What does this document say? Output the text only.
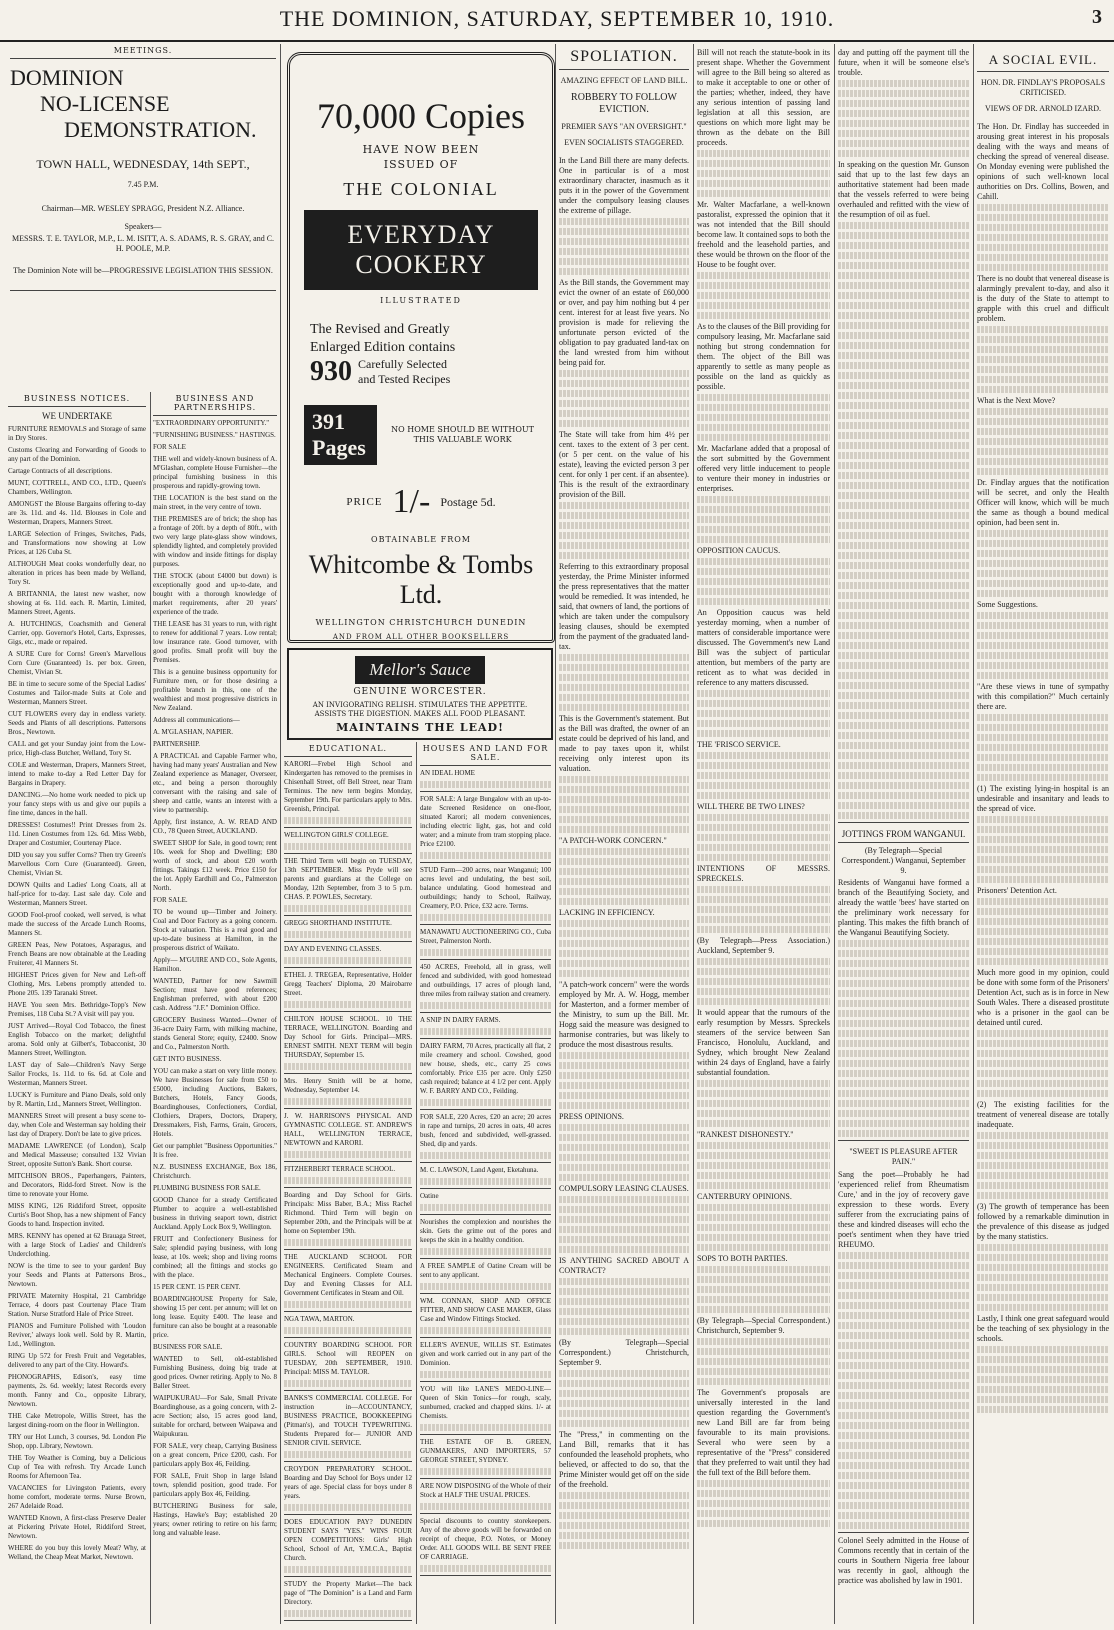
THE DOMINION, SATURDAY, SEPTEMBER 10, 1910.	3
MEETINGS.
DOMINION
NO-LICENSE
DEMONSTRATION.
TOWN HALL, WEDNESDAY, 14th SEPT.,
7.45 P.M.
Chairman—MR. WESLEY SPRAGG, President N.Z. Alliance.
Speakers—
MESSRS. T. E. TAYLOR, M.P., L. M. ISITT, A. S. ADAMS, R. S. GRAY, and C. H. POOLE, M.P.
The Dominion Note will be—PROGRESSIVE LEGISLATION THIS SESSION.
BUSINESS NOTICES.
WE UNDERTAKE
FURNITURE REMOVALS and Storage of same in Dry Stores.
Customs Clearing and Forwarding of Goods to any part of the Dominion.
Cartage Contracts of all descriptions.
MUNT, COTTRELL, AND CO., LTD., Queen's Chambers, Wellington.
AMONGST the Blouse Bargains offering to-day are 3s. 11d. and 4s. 11d. Blouses in Cole and Westerman, Drapers, Manners Street.
LARGE Selection of Fringes, Switches, Pads, and Transformations now showing at Low Prices, at 126 Cuba St.
ALTHOUGH Meat cooks wonderfully dear, no alteration in prices has been made by Welland, Tory St.
A BRITANNIA, the latest new washer, now showing at 6s. 11d. each. R. Martin, Limited, Manners Street, Agents.
A. HUTCHINGS, Coachsmith and General Carrier, opp. Governor's Hotel, Carts, Expresses, Gigs, etc., made or repaired.
A SURE Cure for Corns! Green's Marvellous Corn Cure (Guaranteed) 1s. per box. Green, Chemist, Vivian St.
BE in time to secure some of the Special Ladies' Costumes and Tailor-made Suits at Cole and Westerman, Manners Street.
CUT FLOWERS every day in endless variety. Seeds and Plants of all descriptions. Pattersons Bros., Newtown.
CALL and get your Sunday joint from the Low-price, High-class Butcher, Welland, Tory St.
COLE and Westerman, Drapers, Manners Street, intend to make to-day a Red Letter Day for Bargains in Drapery.
DANCING.—No home work needed to pick up your fancy steps with us and give our pupils a fine time, dances in the hall.
DRESSES! Costumes!! Print Dresses from 2s. 11d. Linen Costumes from 12s. 6d. Miss Webb, Draper and Costumier, Courtenay Place.
DID you say you suffer Corns? Then try Green's Marvellous Corn Cure (Guaranteed). Green, Chemist, Vivian St.
DOWN Quilts and Ladies' Long Coats, all at half-price for to-day. Last sale day. Cole and Westerman, Manners Street.
GOOD Fool-proof cooked, well served, is what made the success of the Arcade Lunch Rooms, Manners St.
GREEN Peas, New Potatoes, Asparagus, and French Beans are now obtainable at the Leading Fruiterer, 41 Manners St.
HIGHEST Prices given for New and Left-off Clothing, Mrs. Lebens promptly attended to. Phone 205. 139 Taranaki Street.
HAVE You seen Mrs. Bethridge-Topp's New Premises, 118 Cuba St.? A visit will pay you.
JUST Arrived—Royal Cod Tobacco, the finest English Tobacco on the market; delightful aroma. Sold only at Gilbert's, Tobacconist, 30 Manners Street, Wellington.
LAST day of Sale—Children's Navy Serge Sailor Frocks, 1s. 11d. to 6s. 6d. at Cole and Westerman, Manners Street.
LUCKY is Furniture and Piano Deals, sold only by R. Martin, Ltd., Manners Street, Wellington.
MANNERS Street will present a busy scene to-day, when Cole and Westerman say holding their last day of Drapery. Don't be late to give prices.
MADAME LAWRENCE (of London), Scalp and Medical Masseuse; consulted 132 Vivian Street, opposite Sutton's Bank. Short course.
MITCHISON BROS., Paperhangers, Painters, and Decorators, Ridd-ford Street. Now is the time to renovate your Home.
MISS KING, 126 Riddiford Street, opposite Curtis's Boot Shop, has a new shipment of Fancy Goods to hand. Inspection invited.
MRS. KENNY has opened at 62 Brauaga Street, with a large Stock of Ladies' and Children's Underclothing.
NOW is the time to see to your garden! Buy your Seeds and Plants at Pattersons Bros., Newtown.
PRIVATE Maternity Hospital, 21 Cambridge Terrace, 4 doors past Courtenay Place Tram Station. Nurse Stratford Hale of Price Street.
PIANOS and Furniture Polished with 'Loudon Reviver,' always look well. Sold by R. Martin, Ltd., Wellington.
RING Up 572 for Fresh Fruit and Vegetables, delivered to any part of the City. Howard's.
PHONOGRAPHS, Edison's, easy time payments, 2s. 6d. weekly; latest Records every month. Fanny and Co., opposite Library, Newtown.
THE Cake Metropole, Willis Street, has the largest dining-room on the floor in Wellington.
TRY our Hot Lunch, 3 courses, 9d. London Pie Shop, opp. Library, Newtown.
THE Toy Weather is Coming, buy a Delicious Cup of Tea with refresh. Try Arcade Lunch Rooms for Afternoon Tea.
VACANCIES for Livingston Patients, every home comfort, moderate terms. Nurse Brown, 267 Adelaide Road.
WANTED Known, A first-class Preserve Dealer at Pickering Private Hotel, Riddiford Street, Newtown.
WHERE do you buy this lovely Meat? Why, at Welland, the Cheap Meat Market, Newtown.
BUSINESS AND PARTNERSHIPS.
"EXTRAORDINARY OPPORTUNITY."
"FURNISHING BUSINESS." HASTINGS.
FOR SALE
THE well and widely-known business of A. M'Glashan, complete House Furnisher—the principal furnishing business in this prosperous and rapidly-growing town.
THE LOCATION is the best stand on the main street, in the very centre of town.
THE PREMISES are of brick; the shop has a frontage of 20ft. by a depth of 80ft., with two very large plate-glass show windows, splendidly lighted, and completely provided with window and inside fittings for display purposes.
THE STOCK (about £4000 but down) is exceptionally good and up-to-date, and bought with a thorough knowledge of market requirements, after 20 years' experience of the trade.
THE LEASE has 31 years to run, with right to renew for additional 7 years. Low rental; low insurance rate. Good turnover, with good profits. Small profit will buy the Premises.
This is a genuine business opportunity for Furniture men, or for those desiring a profitable branch in this, one of the wealthiest and most progressive districts in New Zealand.
Address all communications—
A. M'GLASHAN, NAPIER.
PARTNERSHIP.
A PRACTICAL and Capable Farmer who, having had many years' Australian and New Zealand experience as Manager, Overseer, etc., and being a person thoroughly conversant with the raising and sale of sheep and cattle, wants an interest with a view to partnership.
Apply, first instance, A. W. READ AND CO., 78 Queen Street, AUCKLAND.
SWEET SHOP for Sale, in good town; rent 10s. week for Shop and Dwelling; £80 worth of stock, and about £20 worth fittings. Takings £12 week. Price £150 for the lot. Apply Eardhill and Co., Palmerston North.
FOR SALE.
TO be wound up—Timber and Joinery. Coal and Door Factory as a going concern. Stock at valuation. This is a real good and up-to-date business at Hamilton, in the prosperous district of Waikato.
Apply— M'GUIRE AND CO., Sole Agents, Hamilton.
WANTED, Partner for new Sawmill Section; must have good references; Englishman preferred, with about £200 cash. Address "J.F." Dominion Office.
GROCERY Business Wanted—Owner of 36-acre Dairy Farm, with milking machine, stands General Store; equity, £2400. Snow and Co., Palmerston North.
GET INTO BUSINESS.
YOU can make a start on very little money. We have Businesses for sale from £50 to £5000, including Auctions, Bakers, Butchers, Hotels, Fancy Goods, Boardinghouses, Confectioners, Cordial, Clothiers, Drapers, Doctors, Drapery, Dressmakers, Fish, Farms, Grain, Grocers, Hotels.
Get our pamphlet "Business Opportunities." It is free.
N.Z. BUSINESS EXCHANGE, Box 186, Christchurch.
PLUMBING BUSINESS FOR SALE.
GOOD Chance for a steady Certificated Plumber to acquire a well-established business in thriving seaport town, district Auckland. Apply Lock Box 9, Wellington.
FRUIT and Confectionery Business for Sale; splendid paying business, with long lease, at 10s. week; shop and living rooms combined; all the fittings and stocks go with the place.
15 PER CENT. 15 PER CENT.
BOARDINGHOUSE Property for Sale, showing 15 per cent. per annum; will let on long lease. Equity £400. The lease and furniture can also be bought at a reasonable price.
BUSINESS FOR SALE.
WANTED to Sell, old-established Furnishing Business, doing big trade at good prices. Owner retiring. Apply to No. 8 Baller Street.
WAIPUKURAU—For Sale, Small Private Boardinghouse, as a going concern, with 2-acre Section; also, 15 acres good land, suitable for orchard, between Waipawa and Waipukurau.
FOR SALE, very cheap, Carrying Business on a great concern, Price £200, cash. For particulars apply Box 46, Feilding.
FOR SALE, Fruit Shop in large Island town, splendid position, good trade. For particulars apply Box 46, Feilding.
BUTCHERING Business for sale, Hastings, Hawke's Bay; established 20 years; owner retiring to retire on his farm; long and valuable lease.
70,000 Copies
HAVE NOW BEEN
ISSUED OF
THE COLONIAL
EVERYDAY COOKERY
ILLUSTRATED
The Revised and Greatly
Enlarged Edition contains
930 Carefully Selected
and Tested Recipes
391 Pages
NO HOME SHOULD BE WITHOUT THIS VALUABLE WORK
PRICE 1/- Postage 5d.
OBTAINABLE FROM
Whitcombe & Tombs Ltd.
WELLINGTON CHRISTCHURCH DUNEDIN
AND FROM ALL OTHER BOOKSELLERS
Mellor's Sauce
GENUINE WORCESTER.
AN INVIGORATING RELISH. STIMULATES THE APPETITE.
ASSISTS THE DIGESTION. MAKES ALL FOOD PLEASANT.
MAINTAINS THE LEAD!
EDUCATIONAL.
KARORI—Frebel High School and Kindergarten has removed to the premises in Chisenhall Street, off Bell Street, near Tram Terminus. The new term begins Monday, September 19th. For particulars apply to Mrs. Greenish, Principal.
WELLINGTON GIRLS' COLLEGE.
THE Third Term will begin on TUESDAY, 13th SEPTEMBER. Miss Pryde will see parents and guardians at the College on Monday, 12th September, from 3 to 5 p.m. CHAS. P. POWLES, Secretary.
GREGG SHORTHAND INSTITUTE.
DAY AND EVENING CLASSES.
ETHEL J. TREGEA, Representative, Holder Gregg Teachers' Diploma, 20 Mairobarre Street.
CHILTON HOUSE SCHOOL. 10 THE TERRACE, WELLINGTON. Boarding and Day School for Girls. Principal—MRS. ERNEST SMITH. NEXT TERM will begin THURSDAY, September 15.
Mrs. Henry Smith will be at home, Wednesday, September 14.
J. W. HARRISON'S PHYSICAL AND GYMNASTIC COLLEGE. ST. ANDREW'S HALL, WELLINGTON TERRACE, NEWTOWN and KARORI.
FITZHERBERT TERRACE SCHOOL.
Boarding and Day School for Girls. Principals: Miss Baber, B.A.; Miss Rachel Richmond. Third Term will begin on September 20th, and the Principals will be at home on September 19th.
THE AUCKLAND SCHOOL FOR ENGINEERS. Certificated Steam and Mechanical Engineers. Complete Courses. Day and Evening Classes for ALL Government Certificates in Steam and Oil.
NGA TAWA, MARTON.
COUNTRY BOARDING SCHOOL FOR GIRLS. School will REOPEN on TUESDAY, 20th SEPTEMBER, 1910. Principal: MISS M. TAYLOR.
BANKS'S COMMERCIAL COLLEGE. For instruction in—ACCOUNTANCY, BUSINESS PRACTICE, BOOKKEEPING (Pitman's), and TOUCH TYPEWRITING. Students Prepared for— JUNIOR AND SENIOR CIVIL SERVICE.
CROYDON PREPARATORY SCHOOL. Boarding and Day School for Boys under 12 years of age. Special class for boys under 8 years.
DOES EDUCATION PAY? DUNEDIN STUDENT SAYS "YES." WINS FOUR OPEN COMPETITIONS: Girls' High School, School of Art, Y.M.C.A., Baptist Church.
STUDY the Property Market—The back page of "The Dominion" is a Land and Farm Directory.
HOUSES AND LAND FOR SALE.
AN IDEAL HOME
FOR SALE: A large Bungalow with an up-to-date Screened Residence on one-floor, situated Karori; all modern conveniences, including electric light, gas, hot and cold water; and a minute from tram stopping place. Price £2100.
STUD Farm—200 acres, near Wanganui; 100 acres level and undulating, the best soil, balance undulating. Good homestead and outbuildings; handy to School, Railway, Creamery, P.O. Price, £32 acre. Terms.
MANAWATU AUCTIONEERING CO., Cuba Street, Palmerston North.
450 ACRES, Freehold, all in grass, well fenced and subdivided, with good homestead and outbuildings, 17 acres of plough land, three miles from railway station and creamery.
A SNIP IN DAIRY FARMS.
DAIRY FARM, 70 Acres, practically all flat, 2 mile creamery and school. Cowshed, good new house, sheds, etc., carry 25 cows comfortably. Price £35 per acre. Only £250 cash required; balance at 4 1/2 per cent. Apply W. F. BARRY AND CO., Feilding.
FOR SALE, 220 Acres, £20 an acre; 20 acres in rape and turnips, 20 acres in oats, 40 acres bush, fenced and subdivided, well-grassed. Shed, dip and yards.
M. C. LAWSON, Land Agent, Eketahuna.
Oatine
Nourishes the complexion and nourishes the skin. Gets the grime out of the pores and keeps the skin in a healthy condition.
A FREE SAMPLE of Oatine Cream will be sent to any applicant.
WM. CONNAN, SHOP AND OFFICE FITTER, AND SHOW CASE MAKER, Glass Case and Window Fittings Stocked.
ELLER'S AVENUE, WILLIS ST. Estimates given and work carried out in any part of the Dominion.
YOU will like LANE'S MEDO-LINE—Queen of Skin Tonics—for rough, scaly, sunburned, cracked and chapped skins. 1/- at Chemists.
THE ESTATE OF B. GREEN, GUNMAKERS, AND IMPORTERS, 57 GEORGE STREET, SYDNEY.
ARE NOW DISPOSING of the Whole of their Stock at HALF THE USUAL PRICES.
Special discounts to country storekeepers. Any of the above goods will be forwarded on receipt of cheque, P.O. Notes, or Money Order. ALL GOODS WILL BE SENT FREE OF CARRIAGE.
SPOLIATION.
AMAZING EFFECT OF LAND BILL.
ROBBERY TO FOLLOW EVICTION.
PREMIER SAYS "AN OVERSIGHT."
EVEN SOCIALISTS STAGGERED.
In the Land Bill there are many defects. One in particular is of a most extraordinary character, inasmuch as it puts it in the power of the Government under the compulsory leasing clauses the extreme of pillage.
As the Bill stands, the Government may evict the owner of an estate of £60,000 or over, and pay him nothing but 4 per cent. interest for at least five years. No provision is made for relieving the unfortunate person evicted of the obligation to pay graduated land-tax on the land wrested from him without being paid for.
The State will take from him 4½ per cent. taxes to the extent of 3 per cent. (or 5 per cent. on the value of his estate), leaving the evicted person 3 per cent. for only 1 per cent. if an absentee). This is the result of the extraordinary provision of the Bill.
Referring to this extraordinary proposal yesterday, the Prime Minister informed the press representatives that the matter would be remedied. It was intended, he said, that owners of land, the portions of which are taken under the compulsory leasing clauses, should be exempted from the payment of the graduated land-tax.
This is the Government's statement. But as the Bill was drafted, the owner of an estate could be deprived of his land, and made to pay taxes upon it, whilst receiving only interest upon its valuation.
"A PATCH-WORK CONCERN."
LACKING IN EFFICIENCY.
"A patch-work concern" were the words employed by Mr. A. W. Hogg, member for Masterton, and a former member of the Ministry, to sum up the Bill. Mr. Hogg said the measure was designed to harmonise contraries, but was likely to produce the most disastrous results.
PRESS OPINIONS.
COMPULSORY LEASING CLAUSES.
IS ANYTHING SACRED ABOUT A CONTRACT?
(By Telegraph—Special Correspondent.) Christchurch, September 9.
The "Press," in commenting on the Land Bill, remarks that it has confounded the leasehold prophets, who believed, or affected to do so, that the Prime Minister would get off on the side of the freehold.
Bill will not reach the statute-book in its present shape. Whether the Government will agree to the Bill being so altered as to make it acceptable to one or other of the parties; whether, indeed, they have any serious intention of passing land legislation at all this session, are questions on which more light may be thrown as the debate on the Bill proceeds.
Mr. Walter Macfarlane, a well-known pastoralist, expressed the opinion that it was not intended that the Bill should become law. It contained sops to both the freehold and the leasehold parties, and these would be thrown on the floor of the House to be fought over.
As to the clauses of the Bill providing for compulsory leasing, Mr. Macfarlane said nothing but strong condemnation for them. The object of the Bill was apparently to settle as many people as possible on the land as quickly as possible.
Mr. Macfarlane added that a proposal of the sort submitted by the Government offered very little inducement to people to venture their money in industries or enterprises.
OPPOSITION CAUCUS.
An Opposition caucus was held yesterday morning, when a number of matters of considerable importance were discussed. The Government's new Land Bill was the subject of particular attention, but members of the party are reticent as to what was decided in reference to any matters discussed.
THE 'FRISCO SERVICE.
WILL THERE BE TWO LINES?
INTENTIONS OF MESSRS. SPRECKELS.
(By Telegraph—Press Association.) Auckland, September 9.
It would appear that the rumours of the early resumption by Messrs. Spreckels steamers of the service between San Francisco, Honolulu, Auckland, and Sydney, which brought New Zealand within 24 days of England, have a fairly substantial foundation.
"RANKEST DISHONESTY."
CANTERBURY OPINIONS.
SOPS TO BOTH PARTIES.
(By Telegraph—Special Correspondent.) Christchurch, September 9.
The Government's proposals are universally interested in the land question regarding the Government's new Land Bill are far from being favourable to its main provisions. Several who were seen by a representative of the "Press" considered that they preferred to wait until they had the full text of the Bill before them.
day and putting off the payment till the future, when it will be someone else's trouble.
In speaking on the question Mr. Gunson said that up to the last few days an authoritative statement had been made that the vessels referred to were being overhauled and refitted with the view of the resumption of oil as fuel.
JOTTINGS FROM WANGANUI.
(By Telegraph—Special Correspondent.) Wanganui, September 9.
Residents of Wanganui have formed a branch of the Beautifying Society, and already the wattle 'bees' have started on the preliminary work necessary for planting. This makes the fifth branch of the Wanganui Beautifying Society.
"SWEET IS PLEASURE AFTER PAIN."
Sang the poet—Probably he had 'experienced relief from Rheumatism Cure,' and in the joy of recovery gave expression to these words. Every sufferer from the excruciating pains of these and kindred diseases will echo the poet's sentiment when they have tried RHEUMO.
Colonel Seely admitted in the House of Commons recently that in certain of the courts in Southern Nigeria free labour was recently in gaol, although the practice was abolished by law in 1901.
A SOCIAL EVIL.
HON. DR. FINDLAY'S PROPOSALS CRITICISED.
VIEWS OF DR. ARNOLD IZARD.
The Hon. Dr. Findlay has succeeded in arousing great interest in his proposals dealing with the ways and means of checking the spread of venereal disease. On Monday evening were published the opinions of such well-known local authorities on Drs. Collins, Bowen, and Cahill.
There is no doubt that venereal disease is alarmingly prevalent to-day, and also it is the duty of the State to attempt to grapple with this cruel and difficult problem.
What is the Next Move?
Dr. Findlay argues that the notification will be secret, and only the Health Officer will know, which will be much the same as though a bound medical opinion, had been sent in.
Some Suggestions.
"Are these views in tune of sympathy with this compilation?" Much certainly there are.
(1) The existing lying-in hospital is an undesirable and insanitary and leads to the spread of vice.
Prisoners' Detention Act.
Much more good in my opinion, could be done with some form of the Prisoners' Detention Act, such as is in force in New South Wales. There a diseased prostitute who is a prisoner in the gaol can be detained until cured.
(2) The existing facilities for the treatment of venereal disease are totally inadequate.
(3) The growth of temperance has been followed by a remarkable diminution in the prevalence of this disease as judged by the many statistics.
Lastly, I think one great safeguard would be the teaching of sex physiology in the schools.
